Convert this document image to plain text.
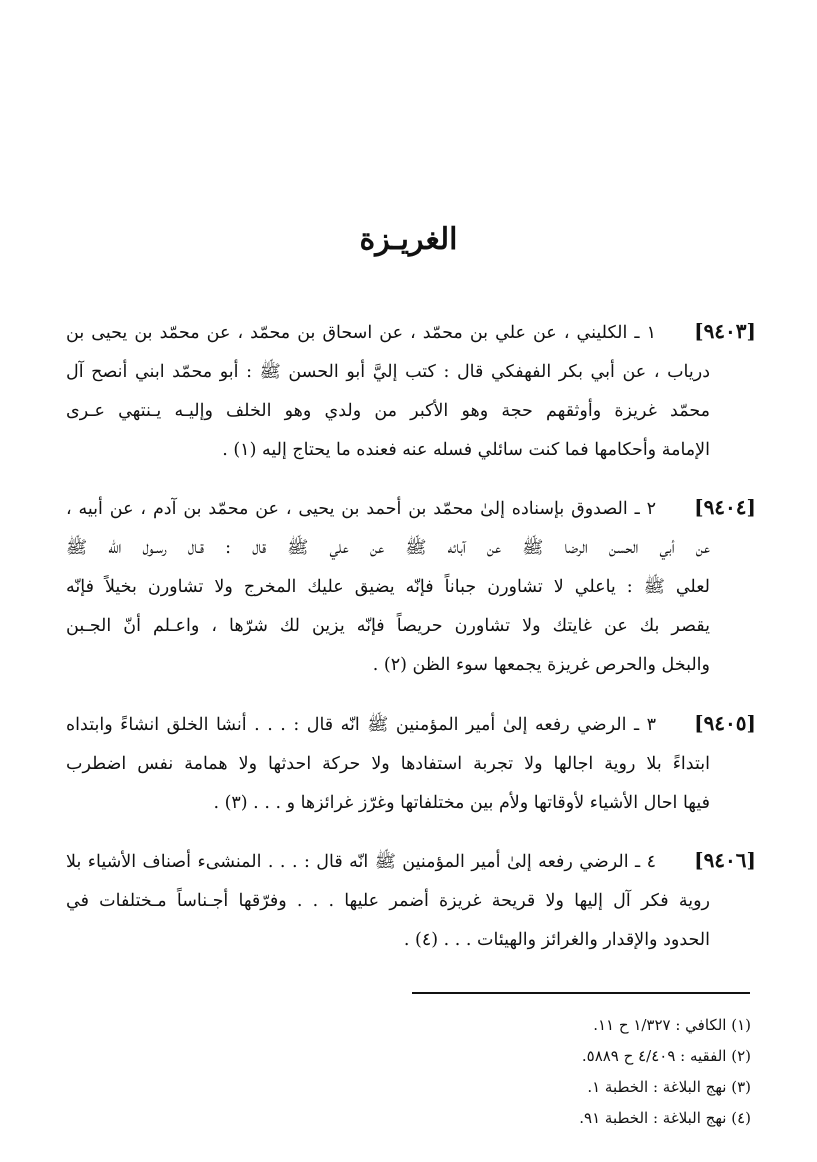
الغريـزة
[٩٤٠٣]
١ ـ الكليني ، عن علي بن محمّد ، عن اسحاق بن محمّد ، عن محمّد بن يحيى بن
دریاب ، عن أبي بكر الفهفكي قال : كتب إليَّ أبو الحسن ﷺ : أبو محمّد ابني أنصح آل
محمّد غريزة وأوثقهم حجة وهو الأكبر من ولدي وهو الخلف وإليـه يـنتهي عـرى
الإمامة وأحكامها فما كنت سائلي فسله عنه فعنده ما يحتاج إليه (١) .
[٩٤٠٤]
٢ ـ الصدوق بإسناده إلىٰ محمّد بن أحمد بن يحيى ، عن محمّد بن آدم ، عن أبيه ،
عن أبي الحسن الرضا ﷺ عن آبائه ﷺ عن علي ﷺ قال : قـال رسـول الله ﷺ
لعلي ﷺ : ياعلي لا تشاورن جباناً فإنّه يضيق عليك المخرج ولا تشاورن بخيلاً فإنّه
يقصر بك عن غايتك ولا تشاورن حريصاً فإنّه يزين لك شرّها ، واعـلم أنّ الجـبن
والبخل والحرص غريزة يجمعها سوء الظن (٢) .
[٩٤٠٥]
٣ ـ الرضي رفعه إلىٰ أمير المؤمنين ﷺ انّه قال : . . . أنشا الخلق انشاءً وابتداه
ابتداءً بلا روية اجالها ولا تجربة استفادها ولا حركة احدثها ولا همامة نفس اضطرب
فيها احال الأشياء لأوقاتها ولأم بين مختلفاتها وغرّز غرائزها و . . . (٣) .
[٩٤٠٦]
٤ ـ الرضي رفعه إلىٰ أمير المؤمنين ﷺ انّه قال : . . . المنشىء أصناف الأشياء بلا
روية فكر آل إليها ولا قريحة غريزة أضمر عليها . . . وفرّقها أجـناساً مـختلفات في
الحدود والإقدار والغرائز والهيئات . . . (٤) .
(١) الكافي : ١/٣٢٧ ح ١١.
(٢) الفقيه : ٤/٤٠٩ ح ٥٨٨٩.
(٣) نهج البلاغة : الخطبة ١.
(٤) نهج البلاغة : الخطبة ٩١.
